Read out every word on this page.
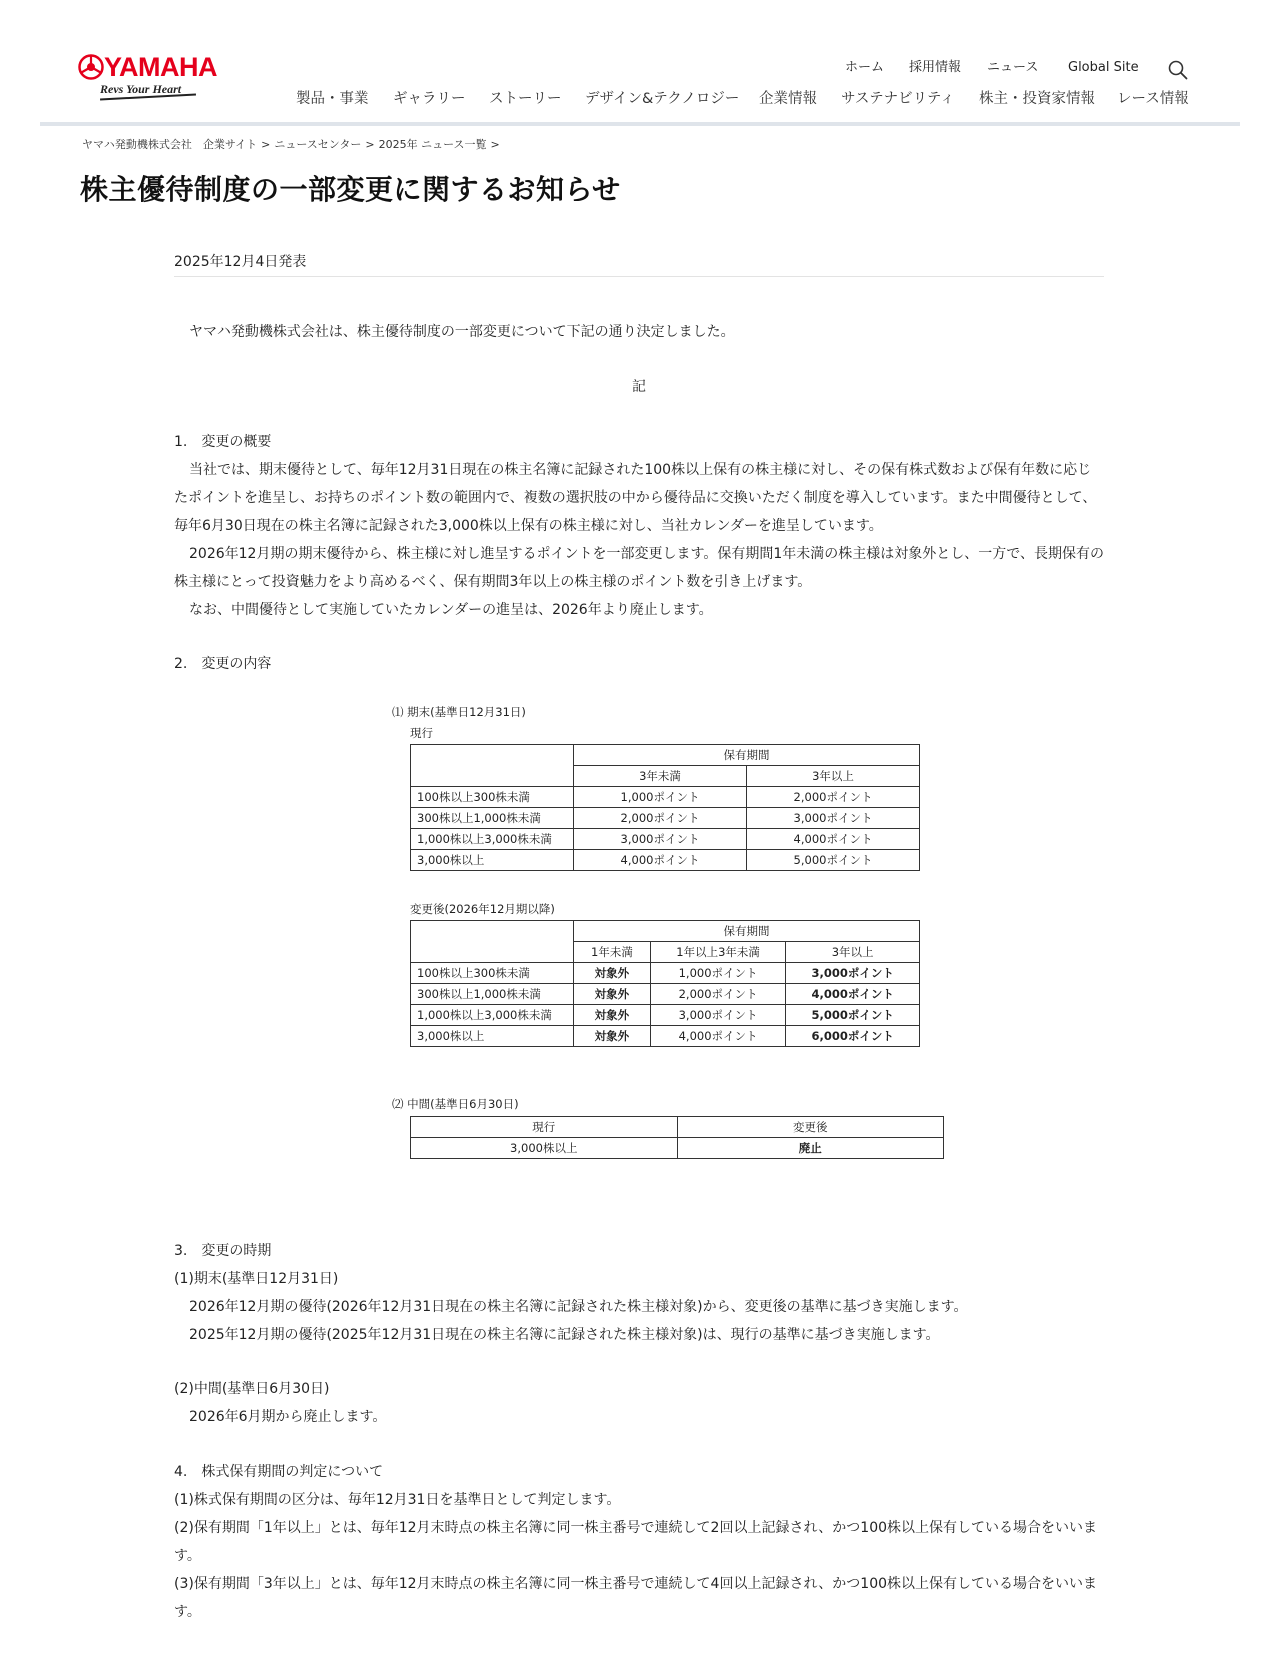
YAMAHA
Revs Your Heart
ホーム 採用情報 ニュース Global Site
製品・事業 ギャラリー ストーリー デザイン&テクノロジー 企業情報 サステナビリティ 株主・投資家情報 レース情報
ヤマハ発動機株式会社　企業サイト > ニュースセンター > 2025年 ニュース一覧 >
株主優待制度の一部変更に関するお知らせ
2025年12月4日発表

ヤマハ発動機株式会社は、株主優待制度の一部変更について下記の通り決定しました。

記

1.　変更の概要

当社では、期末優待として、毎年12月31日現在の株主名簿に記録された100株以上保有の株主様に対し、その保有株式数および保有年数に応じたポイントを進呈し、お持ちのポイント数の範囲内で、複数の選択肢の中から優待品に交換いただく制度を導入しています。また中間優待として、毎年6月30日現在の株主名簿に記録された3,000株以上保有の株主様に対し、当社カレンダーを進呈しています。

2026年12月期の期末優待から、株主様に対し進呈するポイントを一部変更します。保有期間1年未満の株主様は対象外とし、一方で、長期保有の株主様にとって投資魅力をより高めるべく、保有期間3年以上の株主様のポイント数を引き上げます。

なお、中間優待として実施していたカレンダーの進呈は、2026年より廃止します。

2.　変更の内容
⑴ 期末(基準日12月31日)
現行
	保有期間	
	3年未満	3年以上
100株以上300株未満	1,000ポイント	2,000ポイント
300株以上1,000株未満	2,000ポイント	3,000ポイント
1,000株以上3,000株未満	3,000ポイント	4,000ポイント
3,000株以上	4,000ポイント	5,000ポイント
変更後(2026年12月期以降)
	保有期間		
	1年未満	1年以上3年未満	3年以上
100株以上300株未満	対象外	1,000ポイント	3,000ポイント
300株以上1,000株未満	対象外	2,000ポイント	4,000ポイント
1,000株以上3,000株未満	対象外	3,000ポイント	5,000ポイント
3,000株以上	対象外	4,000ポイント	6,000ポイント
⑵ 中間(基準日6月30日)
現行	変更後
3,000株以上	廃止

3.　変更の時期

(1)期末(基準日12月31日)

2026年12月期の優待(2026年12月31日現在の株主名簿に記録された株主様対象)から、変更後の基準に基づき実施します。

2025年12月期の優待(2025年12月31日現在の株主名簿に記録された株主様対象)は、現行の基準に基づき実施します。

(2)中間(基準日6月30日)

2026年6月期から廃止します。

4.　株式保有期間の判定について

(1)株式保有期間の区分は、毎年12月31日を基準日として判定します。

(2)保有期間「1年以上」とは、毎年12月末時点の株主名簿に同一株主番号で連続して2回以上記録され、かつ100株以上保有している場合をいいます。

(3)保有期間「3年以上」とは、毎年12月末時点の株主名簿に同一株主番号で連続して4回以上記録され、かつ100株以上保有している場合をいいます。
